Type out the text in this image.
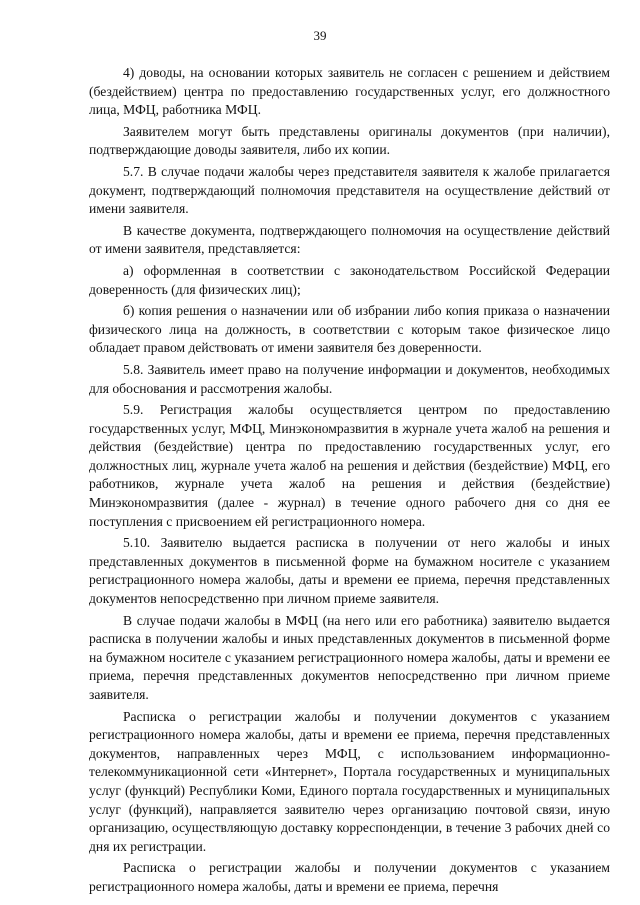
39

4) доводы, на основании которых заявитель не согласен с решением и действием (бездействием) центра по предоставлению государственных услуг, его должностного лица, МФЦ, работника МФЦ.

Заявителем могут быть представлены оригиналы документов (при наличии), подтверждающие доводы заявителя, либо их копии.

5.7. В случае подачи жалобы через представителя заявителя к жалобе прилагается документ, подтверждающий полномочия представителя на осуществление действий от имени заявителя.

В качестве документа, подтверждающего полномочия на осуществление действий от имени заявителя, представляется:

а) оформленная в соответствии с законодательством Российской Федерации доверенность (для физических лиц);

б) копия решения о назначении или об избрании либо копия приказа о назначении физического лица на должность, в соответствии с которым такое физическое лицо обладает правом действовать от имени заявителя без доверенности.

5.8. Заявитель имеет право на получение информации и документов, необходимых для обоснования и рассмотрения жалобы.

5.9. Регистрация жалобы осуществляется центром по предоставлению государственных услуг, МФЦ, Минэкономразвития в журнале учета жалоб на решения и действия (бездействие) центра по предоставлению государственных услуг, его должностных лиц, журнале учета жалоб на решения и действия (бездействие) МФЦ, его работников, журнале учета жалоб на решения и действия (бездействие) Минэкономразвития (далее - журнал) в течение одного рабочего дня со дня ее поступления с присвоением ей регистрационного номера.

5.10. Заявителю выдается расписка в получении от него жалобы и иных представленных документов в письменной форме на бумажном носителе с указанием регистрационного номера жалобы, даты и времени ее приема, перечня представленных документов непосредственно при личном приеме заявителя.

В случае подачи жалобы в МФЦ (на него или его работника) заявителю выдается расписка в получении жалобы и иных представленных документов в письменной форме на бумажном носителе с указанием регистрационного номера жалобы, даты и времени ее приема, перечня представленных документов непосредственно при личном приеме заявителя.

Расписка о регистрации жалобы и получении документов с указанием регистрационного номера жалобы, даты и времени ее приема, перечня представленных документов, направленных через МФЦ, с использованием информационно-телекоммуникационной сети «Интернет», Портала государственных и муниципальных услуг (функций) Республики Коми, Единого портала государственных и муниципальных услуг (функций), направляется заявителю через организацию почтовой связи, иную организацию, осуществляющую доставку корреспонденции, в течение 3 рабочих дней со дня их регистрации.

Расписка о регистрации жалобы и получении документов с указанием регистрационного номера жалобы, даты и времени ее приема, перечня
